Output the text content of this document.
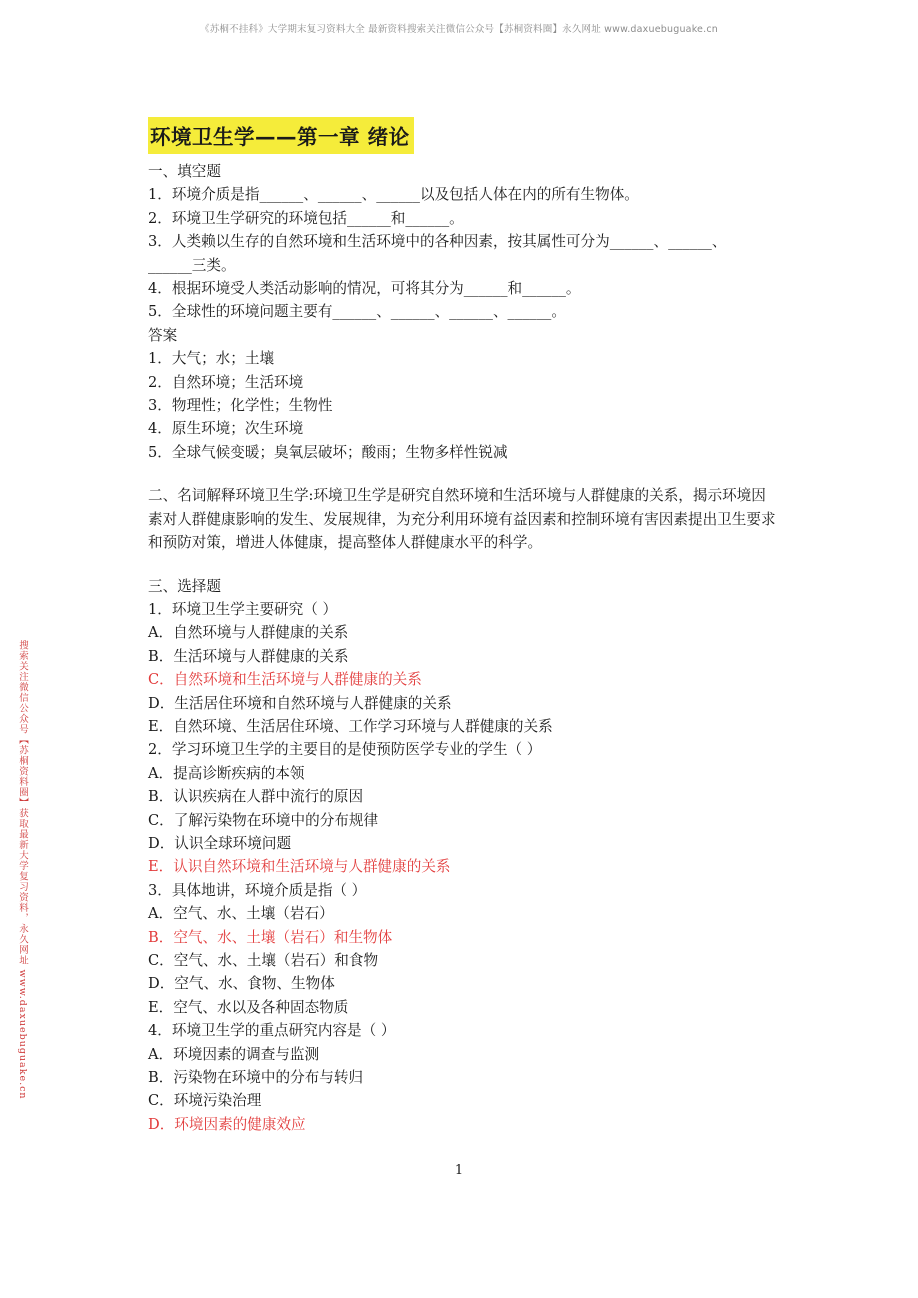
《苏桐不挂科》大学期末复习资料大全 最新资料搜索关注微信公众号【苏桐资料圈】永久网址 www.daxuebuguake.cn
搜索关注微信公众号【苏桐资料圈】获取最新大学复习资料，永久网址 www.daxuebuguake.cn
环境卫生学——第一章 绪论
一、填空题
1．环境介质是指______、______、______以及包括人体在内的所有生物体。
2．环境卫生学研究的环境包括______和______。
3．人类赖以生存的自然环境和生活环境中的各种因素，按其属性可分为______、______、
______三类。
4．根据环境受人类活动影响的情况，可将其分为______和______。
5．全球性的环境问题主要有______、______、______、______。
答案
1．大气；水；土壤
2．自然环境；生活环境
3．物理性；化学性；生物性
4．原生环境；次生环境
5．全球气候变暖；臭氧层破坏；酸雨；生物多样性锐减
二、名词解释环境卫生学:环境卫生学是研究自然环境和生活环境与人群健康的关系，揭示环境因素对人群健康影响的发生、发展规律，为充分利用环境有益因素和控制环境有害因素提出卫生要求和预防对策，增进人体健康，提高整体人群健康水平的科学。
三、选择题
1．环境卫生学主要研究（ ）
A．自然环境与人群健康的关系
B．生活环境与人群健康的关系
C．自然环境和生活环境与人群健康的关系
D．生活居住环境和自然环境与人群健康的关系
E．自然环境、生活居住环境、工作学习环境与人群健康的关系
2．学习环境卫生学的主要目的是使预防医学专业的学生（ ）
A．提高诊断疾病的本领
B．认识疾病在人群中流行的原因
C．了解污染物在环境中的分布规律
D．认识全球环境问题
E．认识自然环境和生活环境与人群健康的关系
3．具体地讲，环境介质是指（ ）
A．空气、水、土壤（岩石）
B．空气、水、土壤（岩石）和生物体
C．空气、水、土壤（岩石）和食物
D．空气、水、食物、生物体
E．空气、水以及各种固态物质
4．环境卫生学的重点研究内容是（ ）
A．环境因素的调查与监测
B．污染物在环境中的分布与转归
C．环境污染治理
D．环境因素的健康效应
1
